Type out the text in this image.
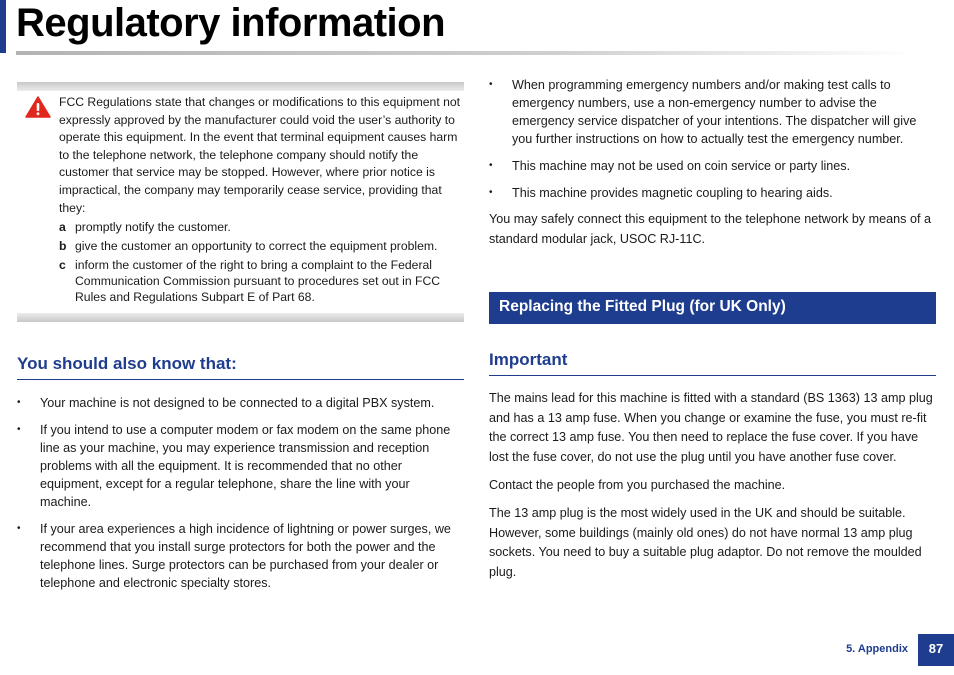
Regulatory information

FCC Regulations state that changes or modifications to this equipment not expressly approved by the manufacturer could void the user’s authority to operate this equipment. In the event that terminal equipment causes harm to the telephone network, the telephone company should notify the customer that service may be stopped. However, where prior notice is impractical, the company may temporarily cease service, providing that they:

a promptly notify the customer.
b give the customer an opportunity to correct the equipment problem.
c inform the customer of the right to bring a complaint to the Federal Communication Commission pursuant to procedures set out in FCC Rules and Regulations Subpart E of Part 68.
You should also know that:
• Your machine is not designed to be connected to a digital PBX system.
• If you intend to use a computer modem or fax modem on the same phone line as your machine, you may experience transmission and reception problems with all the equipment. It is recommended that no other equipment, except for a regular telephone, share the line with your machine.
• If your area experiences a high incidence of lightning or power surges, we recommend that you install surge protectors for both the power and the telephone lines. Surge protectors can be purchased from your dealer or telephone and electronic specialty stores.
• When programming emergency numbers and/or making test calls to emergency numbers, use a non-emergency number to advise the emergency service dispatcher of your intentions. The dispatcher will give you further instructions on how to actually test the emergency number.
• This machine may not be used on coin service or party lines.
• This machine provides magnetic coupling to hearing aids.

You may safely connect this equipment to the telephone network by means of a standard modular jack, USOC RJ-11C.

Replacing the Fitted Plug (for UK Only)
Important

The mains lead for this machine is fitted with a standard (BS 1363) 13 amp plug and has a 13 amp fuse. When you change or examine the fuse, you must re-fit the correct 13 amp fuse. You then need to replace the fuse cover. If you have lost the fuse cover, do not use the plug until you have another fuse cover.

Contact the people from you purchased the machine.

The 13 amp plug is the most widely used in the UK and should be suitable. However, some buildings (mainly old ones) do not have normal 13 amp plug sockets. You need to buy a suitable plug adaptor. Do not remove the moulded plug.

5. Appendix	87
